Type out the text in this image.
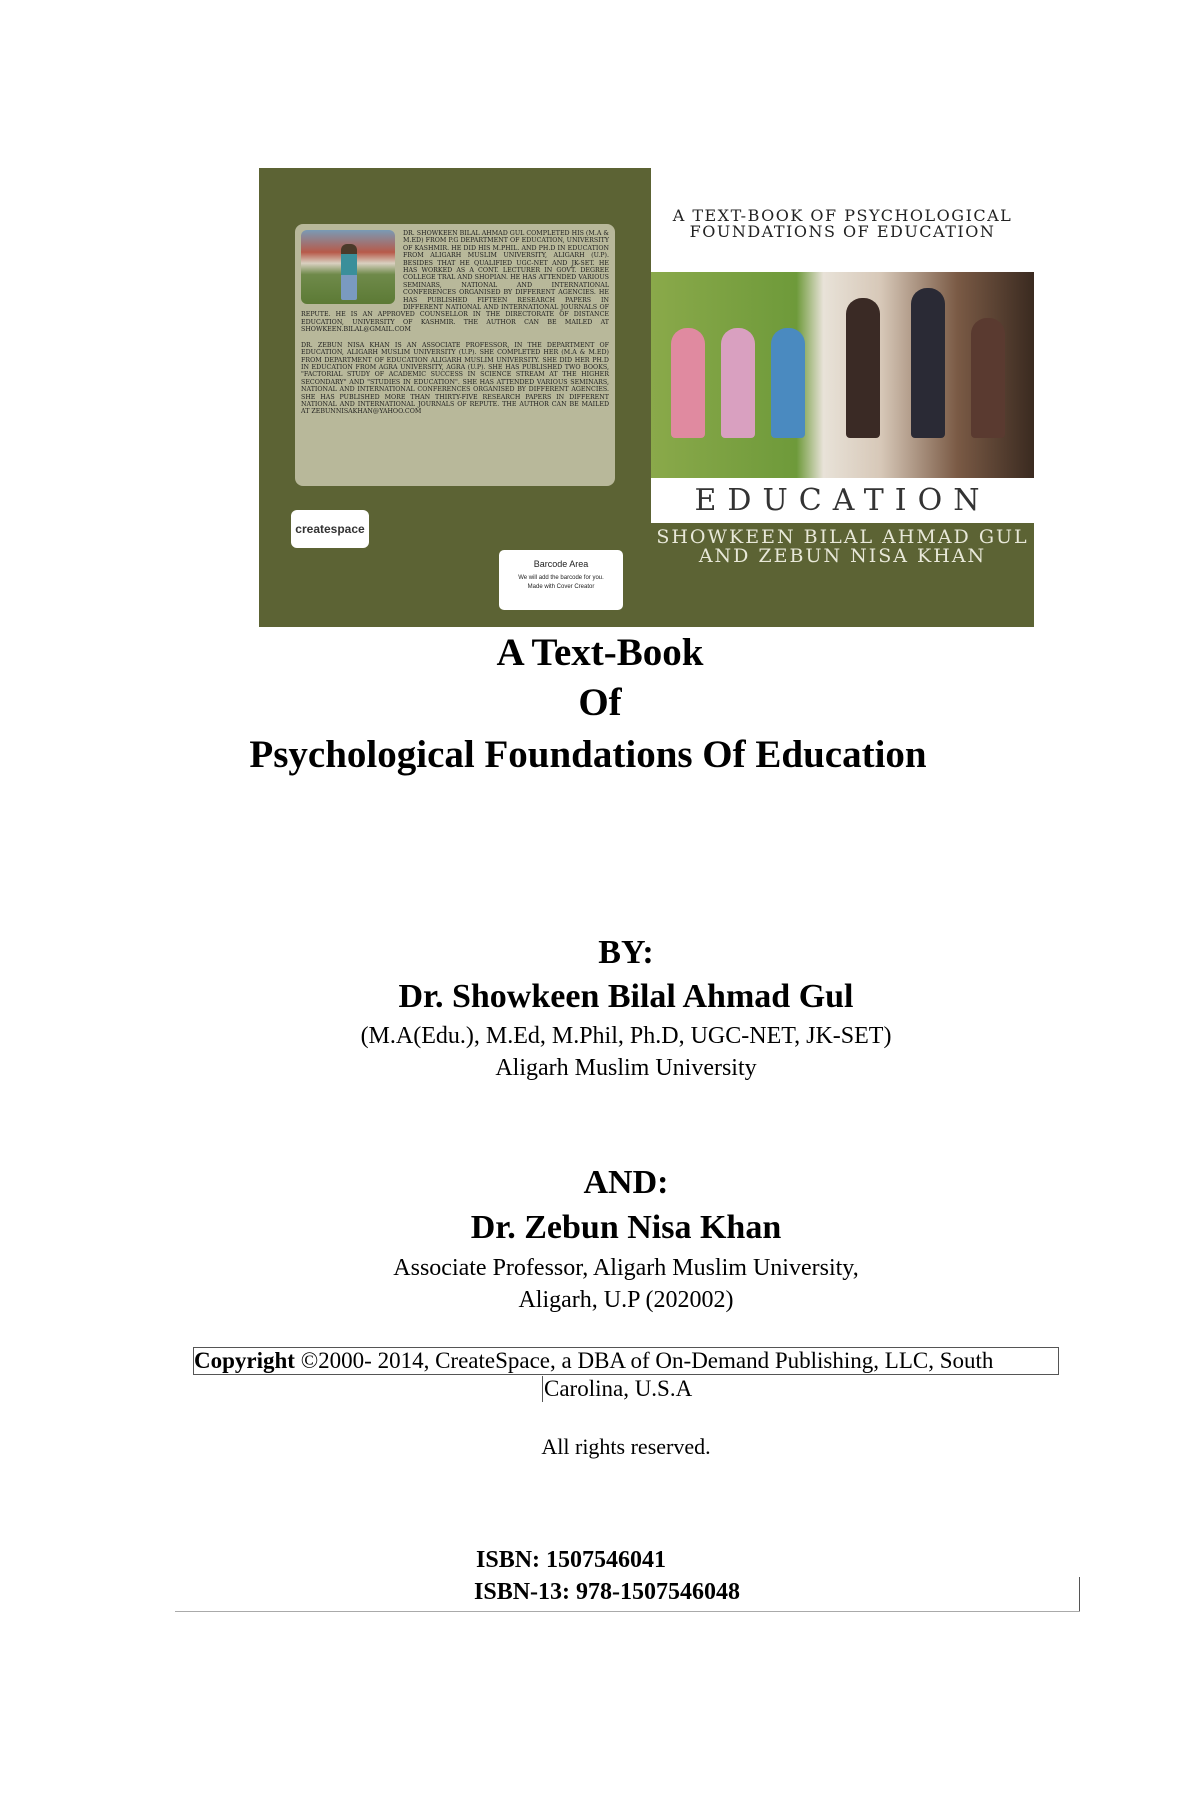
DR. SHOWKEEN BILAL AHMAD GUL COMPLETED HIS (M.A & M.ED) FROM P.G DEPARTMENT OF EDUCATION, UNIVERSITY OF KASHMIR. HE DID HIS M.PHIL. AND PH.D IN EDUCATION FROM ALIGARH MUSLIM UNIVERSITY, ALIGARH (U.P). BESIDES THAT HE QUALIFIED UGC-NET AND JK-SET. HE HAS WORKED AS A CONT. LECTURER IN GOVT. DEGREE COLLEGE TRAL AND SHOPIAN. HE HAS ATTENDED VARIOUS SEMINARS, NATIONAL AND INTERNATIONAL CONFERENCES ORGANISED BY DIFFERENT AGENCIES. HE HAS PUBLISHED FIFTEEN RESEARCH PAPERS IN DIFFERENT NATIONAL AND INTERNATIONAL JOURNALS OF REPUTE. HE IS AN APPROVED COUNSELLOR IN THE DIRECTORATE OF DISTANCE EDUCATION, UNIVERSITY OF KASHMIR. THE AUTHOR CAN BE MAILED AT SHOWKEEN.BILAL@GMAIL.COM

DR. ZEBUN NISA KHAN IS AN ASSOCIATE PROFESSOR, IN THE DEPARTMENT OF EDUCATION, ALIGARH MUSLIM UNIVERSITY (U.P). SHE COMPLETED HER (M.A & M.ED) FROM DEPARTMENT OF EDUCATION ALIGARH MUSLIM UNIVERSITY. SHE DID HER PH.D IN EDUCATION FROM AGRA UNIVERSITY, AGRA (U.P). SHE HAS PUBLISHED TWO BOOKS, "FACTORIAL STUDY OF ACADEMIC SUCCESS IN SCIENCE STREAM AT THE HIGHER SECONDARY" AND "STUDIES IN EDUCATION". SHE HAS ATTENDED VARIOUS SEMINARS, NATIONAL AND INTERNATIONAL CONFERENCES ORGANISED BY DIFFERENT AGENCIES. SHE HAS PUBLISHED MORE THAN THIRTY-FIVE RESEARCH PAPERS IN DIFFERENT NATIONAL AND INTERNATIONAL JOURNALS OF REPUTE. THE AUTHOR CAN BE MAILED AT ZEBUNNISAKHAN@YAHOO.COM

createspace
Barcode Area
We will add the barcode for you.
Made with Cover Creator
A TEXT-BOOK OF PSYCHOLOGICAL FOUNDATIONS OF EDUCATION
EDUCATION
SHOWKEEN BILAL AHMAD GUL AND ZEBUN NISA KHAN
A Text-Book
Of
Psychological Foundations Of Education
BY:
Dr. Showkeen Bilal Ahmad Gul
(M.A(Edu.), M.Ed, M.Phil, Ph.D, UGC-NET, JK-SET)
Aligarh Muslim University
AND:
Dr. Zebun Nisa Khan
Associate Professor, Aligarh Muslim University,
Aligarh, U.P (202002)
Copyright ©2000- 2014, CreateSpace, a DBA of On-Demand Publishing, LLC, South
Carolina, U.S.A
All rights reserved.
ISBN: 1507546041
ISBN-13: 978-1507546048
